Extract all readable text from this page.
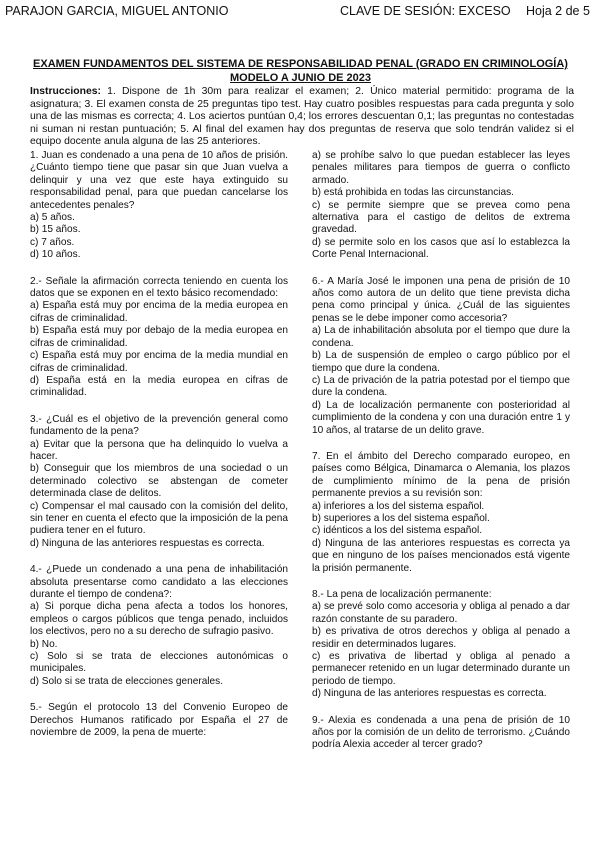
PARAJON GARCIA, MIGUEL ANTONIO	CLAVE DE SESIÓN: EXCESO Hoja 2 de 5
EXAMEN FUNDAMENTOS DEL SISTEMA DE RESPONSABILIDAD PENAL (GRADO EN CRIMINOLOGÍA)
MODELO A JUNIO DE 2023
Instrucciones: 1. Dispone de 1h 30m para realizar el examen; 2. Único material permitido: programa de la asignatura; 3. El examen consta de 25 preguntas tipo test. Hay cuatro posibles respuestas para cada pregunta y solo una de las mismas es correcta; 4. Los aciertos puntúan 0,4; los errores descuentan 0,1; las preguntas no contestadas ni suman ni restan puntuación; 5. Al final del examen hay dos preguntas de reserva que solo tendrán validez si el equipo docente anula alguna de las 25 anteriores.

1. Juan es condenado a una pena de 10 años de prisión. ¿Cuánto tiempo tiene que pasar sin que Juan vuelva a delinquir y una vez que este haya extinguido su responsabilidad penal, para que puedan cancelarse los antecedentes penales?

a) 5 años.

b) 15 años.

c) 7 años.

d) 10 años.

2.- Señale la afirmación correcta teniendo en cuenta los datos que se exponen en el texto básico recomendado:

a) España está muy por encima de la media europea en cifras de criminalidad.

b) España está muy por debajo de la media europea en cifras de criminalidad.

c) España está muy por encima de la media mundial en cifras de criminalidad.

d) España está en la media europea en cifras de criminalidad.

3.- ¿Cuál es el objetivo de la prevención general como fundamento de la pena?

a) Evitar que la persona que ha delinquido lo vuelva a hacer.

b) Conseguir que los miembros de una sociedad o un determinado colectivo se abstengan de cometer determinada clase de delitos.

c) Compensar el mal causado con la comisión del delito, sin tener en cuenta el efecto que la imposición de la pena pudiera tener en el futuro.

d) Ninguna de las anteriores respuestas es correcta.

4.- ¿Puede un condenado a una pena de inhabilitación absoluta presentarse como candidato a las elecciones durante el tiempo de condena?:

a) Si porque dicha pena afecta a todos los honores, empleos o cargos públicos que tenga penado, incluidos los electivos, pero no a su derecho de sufragio pasivo.

b) No.

c) Solo si se trata de elecciones autonómicas o municipales.

d) Solo si se trata de elecciones generales.

5.- Según el protocolo 13 del Convenio Europeo de Derechos Humanos ratificado por España el 27 de noviembre de 2009, la pena de muerte:

a) se prohíbe salvo lo que puedan establecer las leyes penales militares para tiempos de guerra o conflicto armado.

b) está prohibida en todas las circunstancias.

c) se permite siempre que se prevea como pena alternativa para el castigo de delitos de extrema gravedad.

d) se permite solo en los casos que así lo establezca la Corte Penal Internacional.

6.- A María José le imponen una pena de prisión de 10 años como autora de un delito que tiene prevista dicha pena como principal y única. ¿Cuál de las siguientes penas se le debe imponer como accesoria?

a) La de inhabilitación absoluta por el tiempo que dure la condena.

b) La de suspensión de empleo o cargo público por el tiempo que dure la condena.

c) La de privación de la patria potestad por el tiempo que dure la condena.

d) La de localización permanente con posterioridad al cumplimiento de la condena y con una duración entre 1 y 10 años, al tratarse de un delito grave.

7. En el ámbito del Derecho comparado europeo, en países como Bélgica, Dinamarca o Alemania, los plazos de cumplimiento mínimo de la pena de prisión permanente previos a su revisión son:

a) inferiores a los del sistema español.

b) superiores a los del sistema español.

c) idénticos a los del sistema español.

d) Ninguna de las anteriores respuestas es correcta ya que en ninguno de los países mencionados está vigente la prisión permanente.

8.- La pena de localización permanente:

a) se prevé solo como accesoria y obliga al penado a dar razón constante de su paradero.

b) es privativa de otros derechos y obliga al penado a residir en determinados lugares.

c) es privativa de libertad y obliga al penado a permanecer retenido en un lugar determinado durante un periodo de tiempo.

d) Ninguna de las anteriores respuestas es correcta.

9.- Alexia es condenada a una pena de prisión de 10 años por la comisión de un delito de terrorismo. ¿Cuándo podría Alexia acceder al tercer grado?
